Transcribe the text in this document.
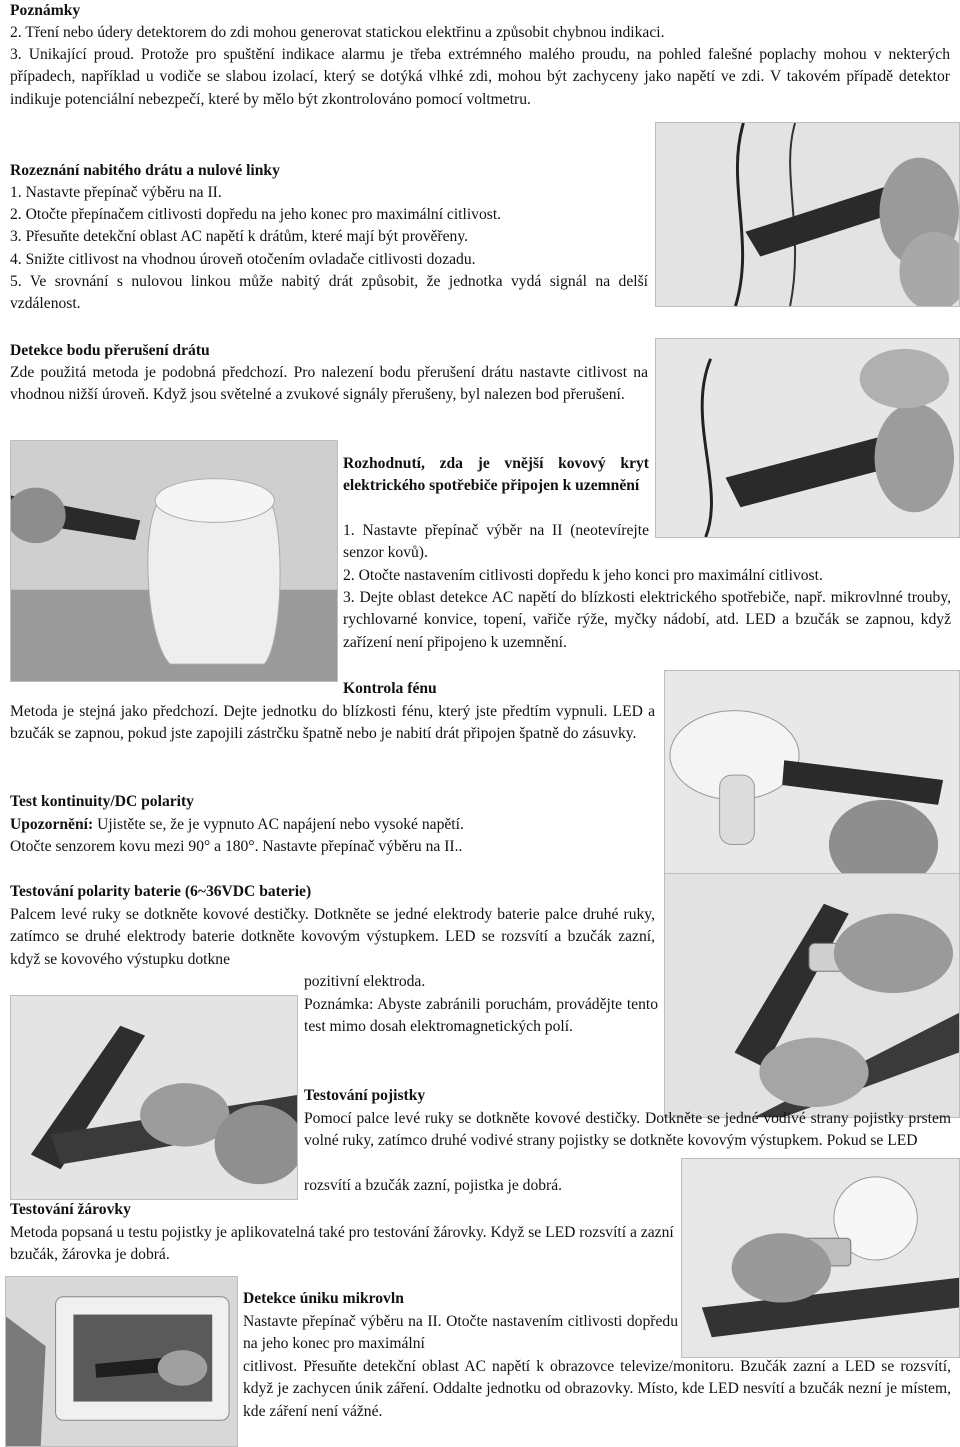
Poznámky
2. Tření nebo údery detektorem do zdi mohou generovat statickou elektřinu a způsobit chybnou indikaci.
3. Unikající proud. Protože pro spuštění indikace alarmu je třeba extrémného malého proudu, na pohled falešné poplachy mohou v nekterých případech, například u vodiče se slabou izolací, který se dotýká vlhké zdi, mohou být zachyceny jako napětí ve zdi. V takovém případě detektor indikuje potenciální nebezpečí, které by mělo být zkontrolováno pomocí voltmetru.
Rozeznání nabitého drátu a nulové linky
1. Nastavte přepínač výběru na II.
2. Otočte přepínačem citlivosti dopředu na jeho konec pro maximální citlivost.
3. Přesuňte detekční oblast AC napětí k drátům, které mají být prověřeny.
4. Snižte citlivost na vhodnou úroveň otočením ovladače citlivosti dozadu.
5. Ve srovnání s nulovou linkou může nabitý drát způsobit, že jednotka vydá signál na delší vzdálenost.
Detekce bodu přerušení drátu
Zde použitá metoda je podobná předchozí. Pro nalezení bodu přerušení drátu nastavte citlivost na vhodnou nižší úroveň. Když jsou světelné a zvukové signály přerušeny, byl nalezen bod přerušení.
Rozhodnutí, zda je vnější kovový kryt elektrického spotřebiče připojen k uzemnění
1. Nastavte přepínač výběr na II (neotevírejte senzor kovů).
2. Otočte nastavením citlivosti dopředu k jeho konci pro maximální citlivost.
3. Dejte oblast detekce AC napětí do blízkosti elektrického spotřebiče, např. mikrovlnné trouby, rychlovarné konvice, topení, vařiče rýže, myčky nádobí, atd. LED a bzučák se zapnou, když zařízení není připojeno k uzemnění.
Kontrola fénu
Metoda je stejná jako předchozí. Dejte jednotku do blízkosti fénu, který jste předtím vypnuli. LED a bzučák se zapnou, pokud jste zapojili zástrčku špatně nebo je nabití drát připojen špatně do zásuvky.
Test kontinuity/DC polarity
Upozornění: Ujistěte se, že je vypnuto AC napájení nebo vysoké napětí.
Otočte senzorem kovu mezi 90° a 180°. Nastavte přepínač výběru na II..
Testování polarity baterie (6~36VDC baterie)
Palcem levé ruky se dotkněte kovové destičky. Dotkněte se jedné elektrody baterie palce druhé ruky, zatímco se druhé elektrody baterie dotkněte kovovým výstupkem. LED se rozsvítí a bzučák zazní, když se kovového výstupku dotkne
pozitivní elektroda.
Poznámka: Abyste zabránili poruchám, provádějte tento test mimo dosah elektromagnetických polí.
Testování pojistky
Pomocí palce levé ruky se dotkněte kovové destičky. Dotkněte se jedné vodivé strany pojistky prstem volné ruky, zatímco druhé vodivé strany pojistky se dotkněte kovovým výstupkem. Pokud se LED
rozsvítí a bzučák zazní, pojistka je dobrá.
Testování žárovky
Metoda popsaná u testu pojistky je aplikovatelná také pro testování žárovky. Když se LED rozsvítí a zazní bzučák, žárovka je dobrá.
Detekce úniku mikrovln
Nastavte přepínač výběru na II. Otočte nastavením citlivosti dopředu na jeho konec pro maximální
citlivost. Přesuňte detekční oblast AC napětí k obrazovce televize/monitoru. Bzučák zazní a LED se rozsvítí, když je zachycen únik záření. Oddalte jednotku od obrazovky. Místo, kde LED nesvítí a bzučák nezní je místem, kde záření není vážné.
